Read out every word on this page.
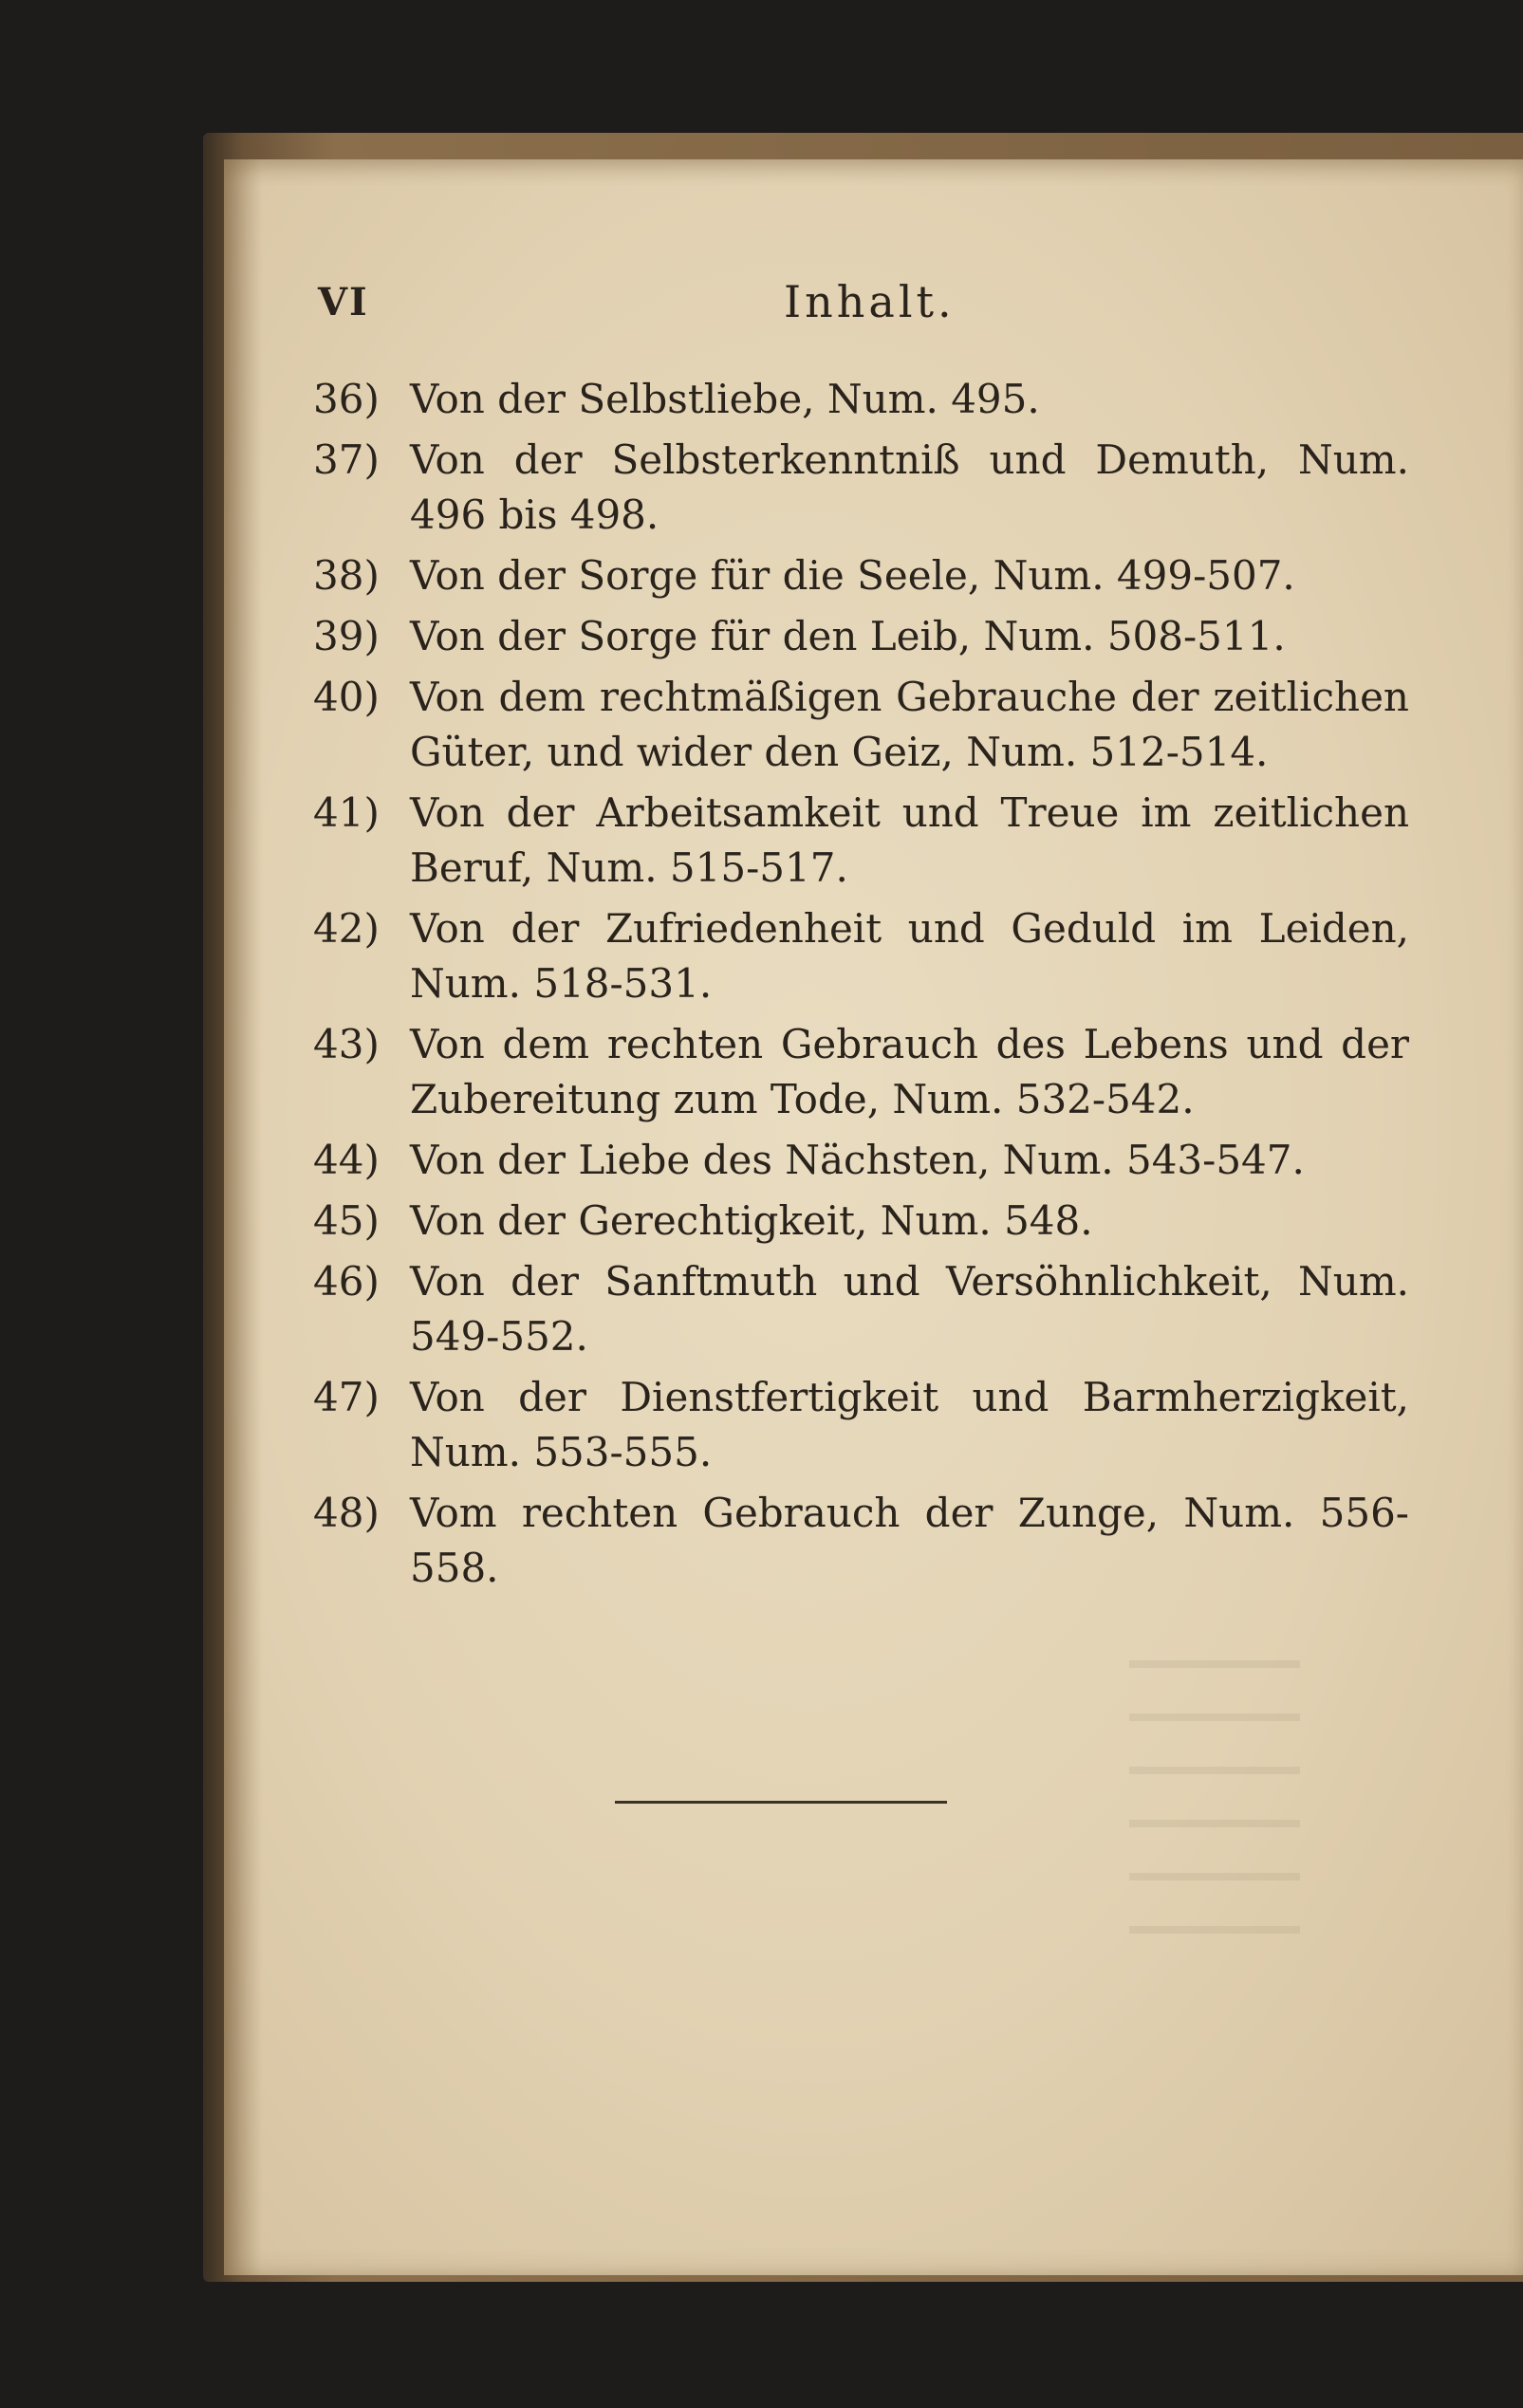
VI	Inhalt.
36) Von der Selbstliebe, Num. 495.
37) Von der Selbsterkenntniß und Demuth, Num. 496 bis 498.
38) Von der Sorge für die Seele, Num. 499-507.
39) Von der Sorge für den Leib, Num. 508-511.
40) Von dem rechtmäßigen Gebrauche der zeitlichen Güter, und wider den Geiz, Num. 512-514.
41) Von der Arbeitsamkeit und Treue im zeitlichen Beruf, Num. 515-517.
42) Von der Zufriedenheit und Geduld im Leiden, Num. 518-531.
43) Von dem rechten Gebrauch des Lebens und der Zubereitung zum Tode, Num. 532-542.
44) Von der Liebe des Nächsten, Num. 543-547.
45) Von der Gerechtigkeit, Num. 548.
46) Von der Sanftmuth und Versöhnlichkeit, Num. 549-552.
47) Von der Dienstfertigkeit und Barmherzigkeit, Num. 553-555.
48) Vom rechten Gebrauch der Zunge, Num. 556-558.
